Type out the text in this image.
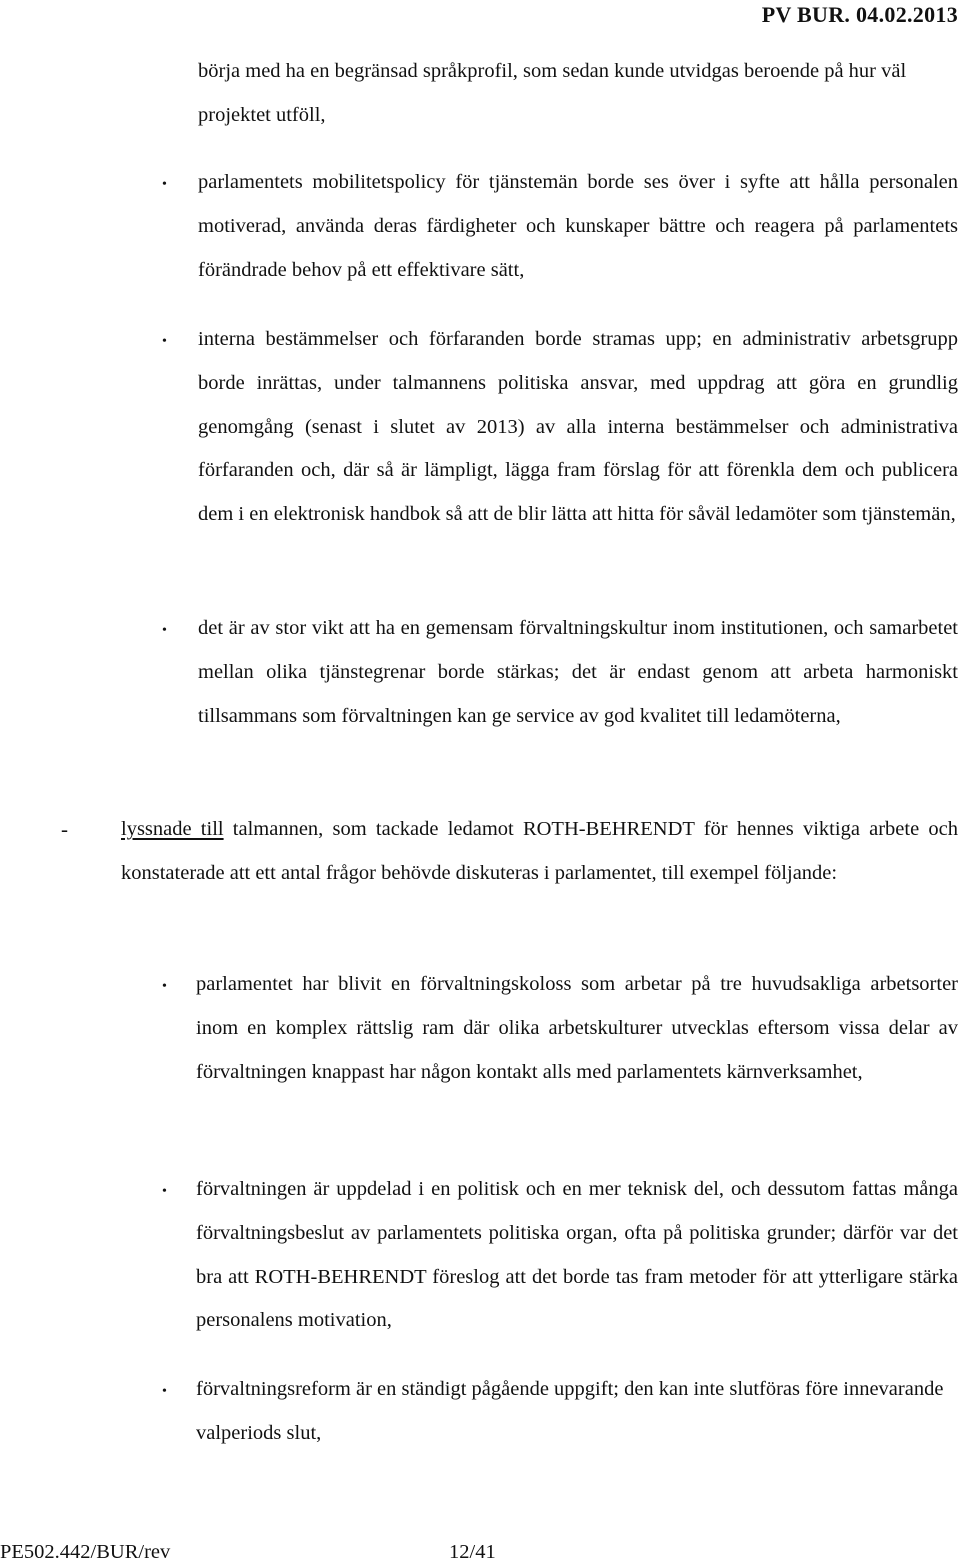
PV BUR. 04.02.2013
börja med ha en begränsad språkprofil, som sedan kunde utvidgas beroende på hur väl projektet utföll,
• parlamentets mobilitetspolicy för tjänstemän borde ses över i syfte att hålla personalen motiverad, använda deras färdigheter och kunskaper bättre och reagera på parlamentets förändrade behov på ett effektivare sätt,
• interna bestämmelser och förfaranden borde stramas upp; en administrativ arbetsgrupp borde inrättas, under talmannens politiska ansvar, med uppdrag att göra en grundlig genomgång (senast i slutet av 2013) av alla interna bestämmelser och administrativa förfaranden och, där så är lämpligt, lägga fram förslag för att förenkla dem och publicera dem i en elektronisk handbok så att de blir lätta att hitta för såväl ledamöter som tjänstemän,
• det är av stor vikt att ha en gemensam förvaltningskultur inom institutionen, och samarbetet mellan olika tjänstegrenar borde stärkas; det är endast genom att arbeta harmoniskt tillsammans som förvaltningen kan ge service av god kvalitet till ledamöterna,
-	lyssnade till talmannen, som tackade ledamot ROTH-BEHRENDT för hennes viktiga arbete och konstaterade att ett antal frågor behövde diskuteras i parlamentet, till exempel följande:
• parlamentet har blivit en förvaltningskoloss som arbetar på tre huvudsakliga arbetsorter inom en komplex rättslig ram där olika arbetskulturer utvecklas eftersom vissa delar av förvaltningen knappast har någon kontakt alls med parlamentets kärnverksamhet,
• förvaltningen är uppdelad i en politisk och en mer teknisk del, och dessutom fattas många förvaltningsbeslut av parlamentets politiska organ, ofta på politiska grunder; därför var det bra att ROTH-BEHRENDT föreslog att det borde tas fram metoder för att ytterligare stärka personalens motivation,
• förvaltningsreform är en ständigt pågående uppgift; den kan inte slutföras före innevarande valperiods slut,
PE502.442/BUR/rev	12/41
